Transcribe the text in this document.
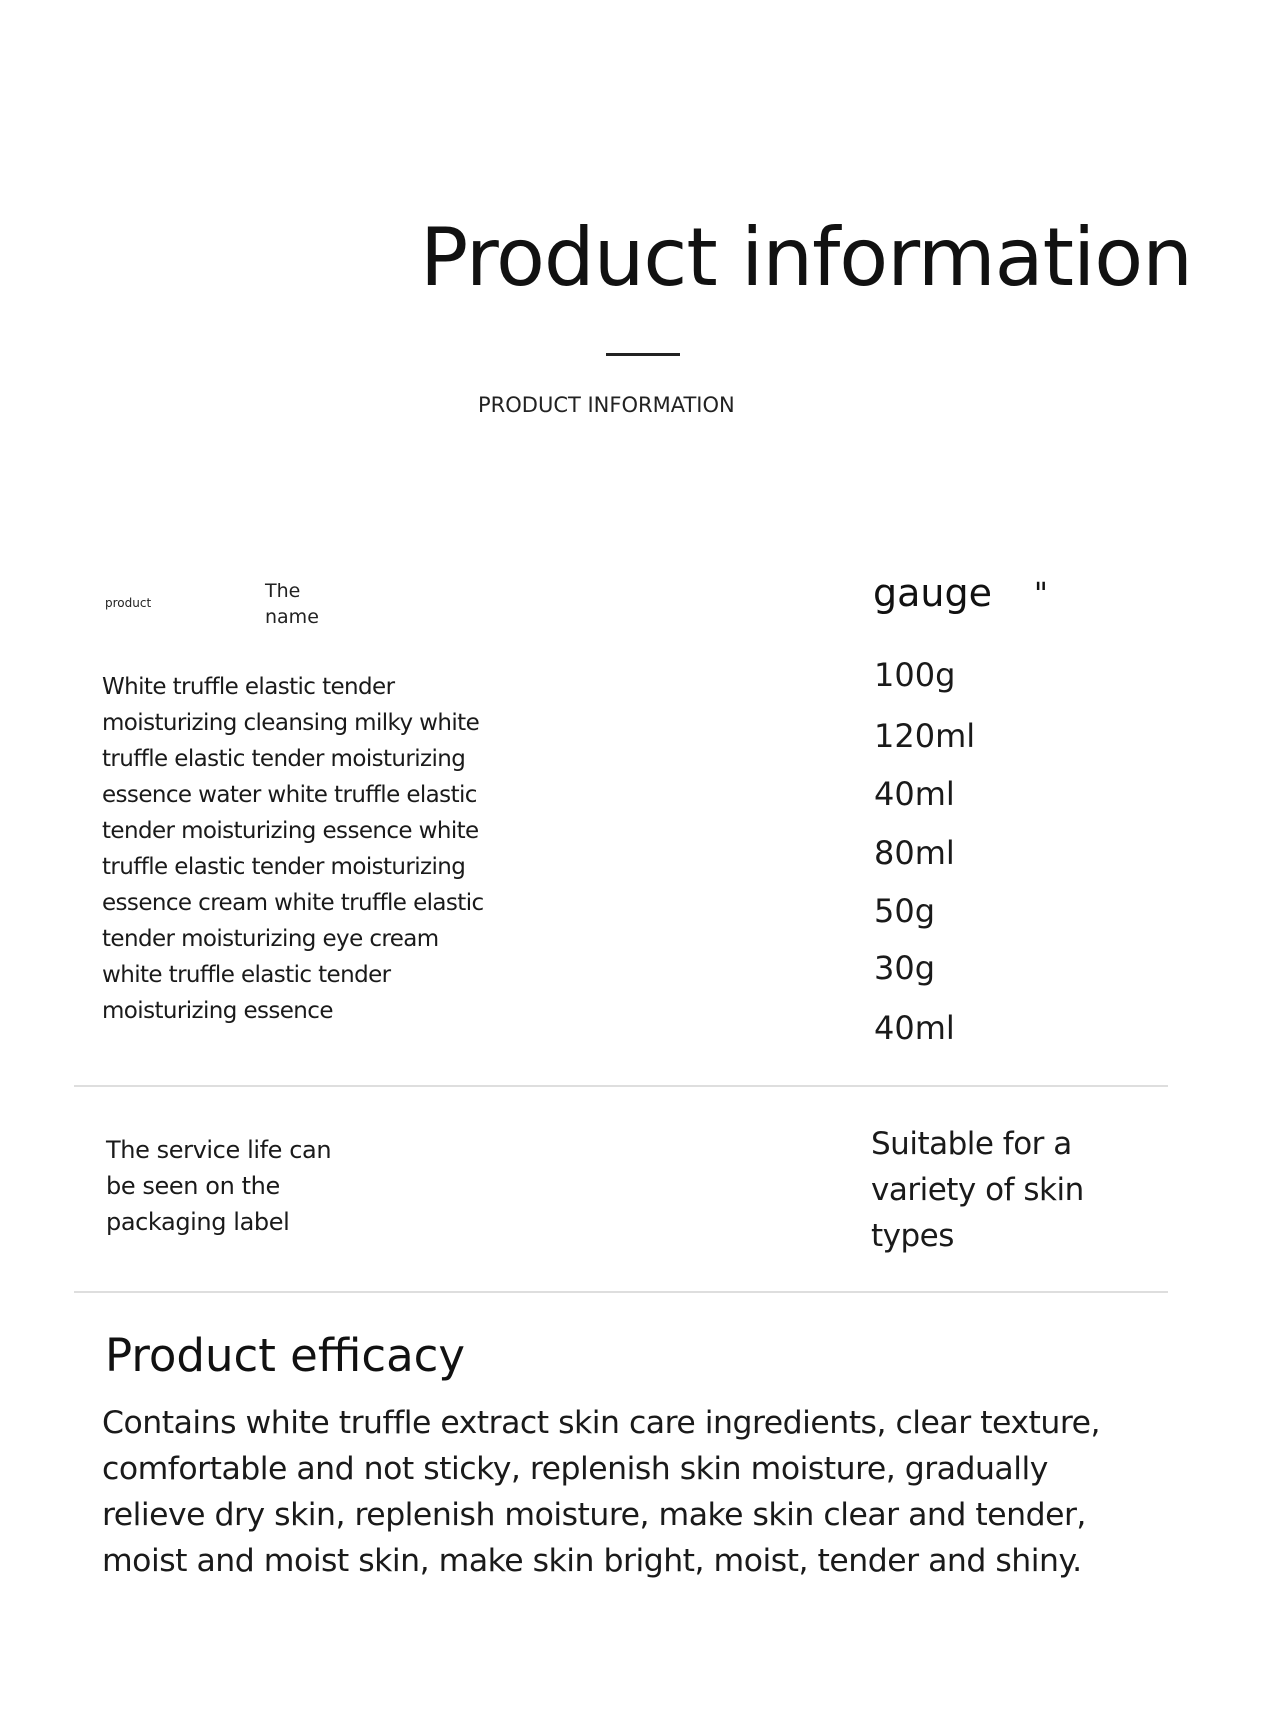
Product information
PRODUCT INFORMATION
product
The name
gauge "
White truffle elastic tender moisturizing cleansing milky white truffle elastic tender moisturizing essence water white truffle elastic tender moisturizing essence white truffle elastic tender moisturizing essence cream white truffle elastic tender moisturizing eye cream white truffle elastic tender moisturizing essence
100g
120ml
40ml
80ml
50g
30g
40ml
The service life can be seen on the packaging label
Suitable for a variety of skin types
Product efficacy
Contains white truffle extract skin care ingredients, clear texture, comfortable and not sticky, replenish skin moisture, gradually relieve dry skin, replenish moisture, make skin clear and tender, moist and moist skin, make skin bright, moist, tender and shiny.
